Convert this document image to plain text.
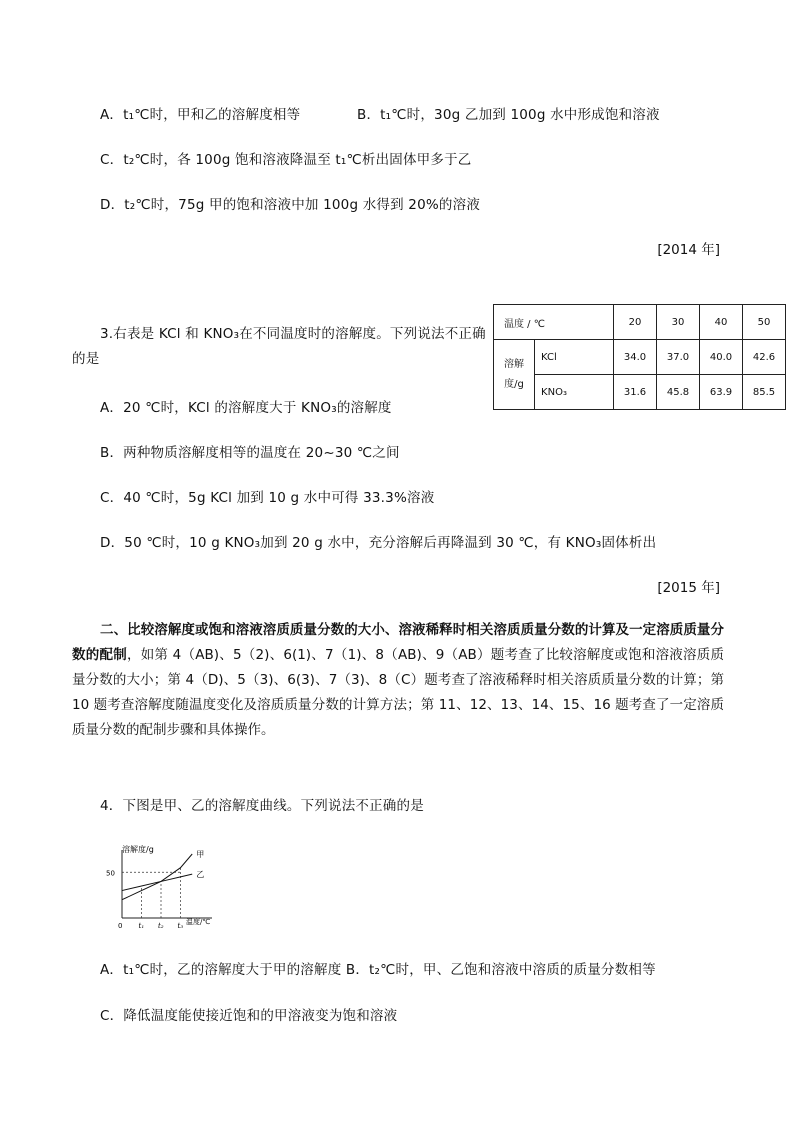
A．t₁℃时，甲和乙的溶解度相等	B．t₁℃时，30g 乙加到 100g 水中形成饱和溶液
C．t₂℃时，各 100g 饱和溶液降温至 t₁℃析出固体甲多于乙
D．t₂℃时，75g 甲的饱和溶液中加 100g 水得到 20%的溶液
[2014 年]
3.右表是 KCl 和 KNO₃在不同温度时的溶解度。下列说法不正确
的是
温度 / ℃		20	30	40	50
溶解度/g	KCl	34.0	37.0	40.0	42.6
	KNO₃	31.6	45.8	63.9	85.5
A．20 ℃时，KCl 的溶解度大于 KNO₃的溶解度
B．两种物质溶解度相等的温度在 20~30 ℃之间
C．40 ℃时，5g KCl 加到 10 g 水中可得 33.3%溶液
D．50 ℃时，10 g KNO₃加到 20 g 水中，充分溶解后再降温到 30 ℃，有 KNO₃固体析出
[2015 年]
二、比较溶解度或饱和溶液溶质质量分数的大小、溶液稀释时相关溶质质量分数的计算及一定溶质质量分数的配制，如第 4（AB)、5（2)、6(1)、7（1)、8（AB)、9（AB）题考查了比较溶解度或饱和溶液溶质质量分数的大小；第 4（D)、5（3)、6(3)、7（3)、8（C）题考查了溶液稀释时相关溶质质量分数的计算；第 10 题考查溶解度随温度变化及溶质质量分数的计算方法；第 11、12、13、14、15、16 题考查了一定溶质质量分数的配制步骤和具体操作。
4．下图是甲、乙的溶解度曲线。下列说法不正确的是
溶解度/g
温度/℃
0
50
t₁ t₂ t₃
甲
乙
A．t₁℃时，乙的溶解度大于甲的溶解度 B．t₂℃时，甲、乙饱和溶液中溶质的质量分数相等
C．降低温度能使接近饱和的甲溶液变为饱和溶液
